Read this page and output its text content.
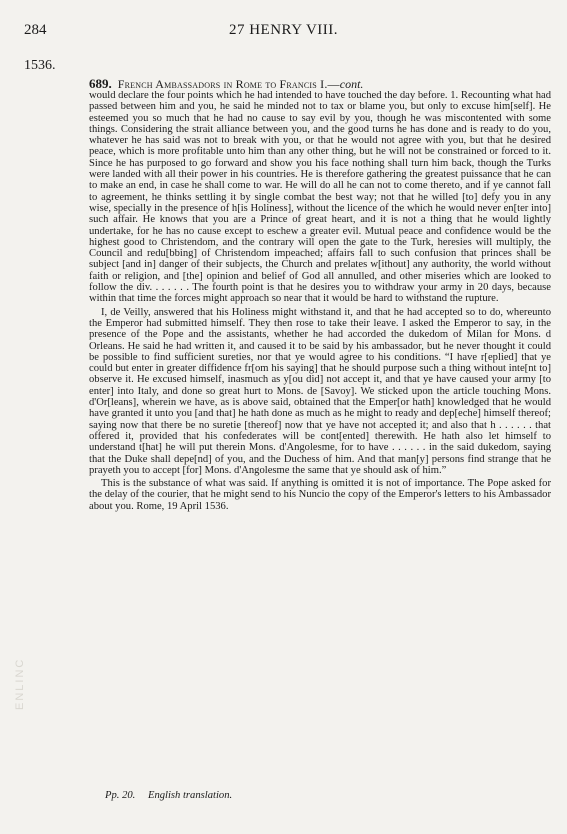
284	27 HENRY VIII.
1536.
ENLINC
689. French Ambassadors in Rome to Francis I.—cont.

would declare the four points which he had intended to have touched the day before. 1. Recounting what had passed between him and you, he said he minded not to tax or blame you, but only to excuse him[self]. He esteemed you so much that he had no cause to say evil by you, though he was miscontented with some things. Considering the strait alliance between you, and the good turns he has done and is ready to do you, whatever he has said was not to break with you, or that he would not agree with you, but that he desired peace, which is more profitable unto him than any other thing, but he will not be constrained or forced to it. Since he has purposed to go forward and show you his face nothing shall turn him back, though the Turks were landed with all their power in his countries. He is therefore gathering the greatest puissance that he can to make an end, in case he shall come to war. He will do all he can not to come thereto, and if ye cannot fall to agreement, he thinks settling it by single combat the best way; not that he willed [to] defy you in any wise, specially in the presence of h[is Holiness], without the licence of the which he would never en[ter into] such affair. He knows that you are a Prince of great heart, and it is not a thing that he would lightly undertake, for he has no cause except to eschew a greater evil. Mutual peace and confidence would be the highest good to Christendom, and the contrary will open the gate to the Turk, heresies will multiply, the Council and redu[bbing] of Christendom impeached; affairs fall to such confusion that princes shall be subject [and in] danger of their subjects, the Church and prelates w[ithout] any authority, the world without faith or religion, and [the] opinion and belief of God all annulled, and other miseries which are looked to follow the div. . . . . . . The fourth point is that he desires you to withdraw your army in 20 days, because within that time the forces might approach so near that it would be hard to withstand the rupture.

I, de Veilly, answered that his Holiness might withstand it, and that he had accepted so to do, whereunto the Emperor had submitted himself. They then rose to take their leave. I asked the Emperor to say, in the presence of the Pope and the assistants, whether he had accorded the dukedom of Milan for Mons. d Orleans. He said he had written it, and caused it to be said by his ambassador, but he never thought it could be possible to find sufficient sureties, nor that ye would agree to his conditions. “I have r[eplied] that ye could but enter in greater diffidence fr[om his saying] that he should purpose such a thing without inte[nt to] observe it. He excused himself, inasmuch as y[ou did] not accept it, and that ye have caused your army [to enter] into Italy, and done so great hurt to Mons. de [Savoy]. We sticked upon the article touching Mons. d'Or[leans], wherein we have, as is above said, obtained that the Emper[or hath] knowledged that he would have granted it unto you [and that] he hath done as much as he might to ready and dep[eche] himself thereof; saying now that there be no suretie [thereof] now that ye have not accepted it; and also that h . . . . . . that offered it, provided that his confederates will be cont[ented] therewith. He hath also let himself to understand t[hat] he will put therein Mons. d'Angolesme, for to have . . . . . . in the said dukedom, saying that the Duke shall depe[nd] of you, and the Duchess of him. And that man[y] persons find strange that he prayeth you to accept [for] Mons. d'Angolesme the same that ye should ask of him.”

This is the substance of what was said. If anything is omitted it is not of importance. The Pope asked for the delay of the courier, that he might send to his Nuncio the copy of the Emperor's letters to his Ambassador about you. Rome, 19 April 1536.

Pp. 20. English translation.
